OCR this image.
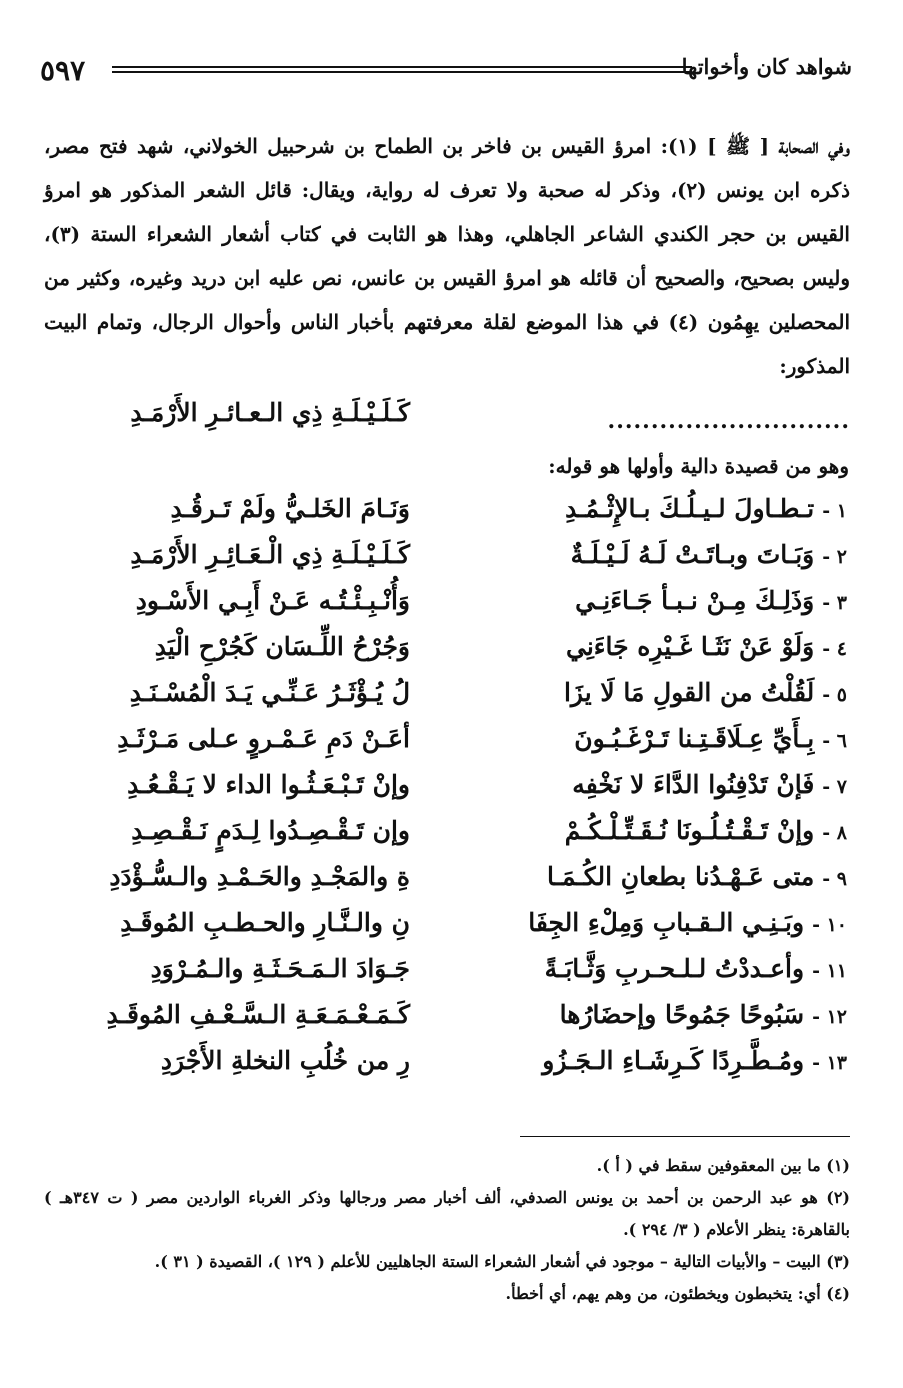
٥٩٧	شواهد كان وأخواتها

وفي الصحابة [ ﷺ ] (١): امرؤ القيس بن فاخر بن الطماح بن شرحبيل الخولاني، شهد فتح مصر، ذكره ابن يونس (٢)، وذكر له صحبة ولا تعرف له رواية، ويقال: قائل الشعر المذكور هو امرؤ القيس بن حجر الكندي الشاعر الجاهلي، وهذا هو الثابت في كتاب أشعار الشعراء الستة (٣)، وليس بصحيح، والصحيح أن قائله هو امرؤ القيس بن عانس، نص عليه ابن دريد وغيره، وكثير من المحصلين يهِمُون (٤) في هذا الموضع لقلة معرفتهم بأخبار الناس وأحوال الرجال، وتمام البيت المذكور:

............................
كَـلَـيْـلَـةِ ذِي الـعـائـرِ الأَرْمَـدِ
وهو من قصيدة دالية وأولها هو قوله:
١ -تـطـاولَ لـيـلُـكَ بـالإِثْـمُـدِ
وَنَـامَ الخَلـيُّ ولَمْ تَـرقُـدِ
٢ -وَبَـاتَ وبـاتَـتْ لَـهُ لَـيْـلَـةٌ
كَـلَـيْـلَـةِ ذِي الْـعَـائِـرِ الأَرْمَـدِ
٣ -وَذَلِـكَ مِـنْ نـبـأ جَـاءَنِـي
وَأُنْـبِـئْـتُـه عَـنْ أَبِـي الأَسْـودِ
٤ -وَلَوْ عَنْ نَثَـا غَـيْرِه جَاءَنِي
وَجُرْحُ اللِّـسَان كَجُرْحِ الْيَدِ
٥ -لَقُلْتُ من القولِ مَا لَا يزَا
لُ يُـؤْثَـرُ عَـنِّـي يَـدَ الْمُسْـنَـدِ
٦ -بِـأَيِّ عِـلَاقَـتِـنا تَـرْغَـبُـونَ
أعَـنْ دَمِ عَـمْـروٍ عـلى مَـرْثَـدِ
٧ -فَإنْ تَدْفِنُوا الدَّاءَ لا نَخْفِه
وإنْ تَـبْـعَـثُـوا الداء لا يَـقْـعُـدِ
٨ -وإنْ تَـقْـتُـلُـونَا نُـقَـتِّـلْـكُـمْ
وإن تَـقْـصِـدُوا لِـدَمٍ نَـقْـصِـدِ
٩ -متى عَـهْـدُنا بطعانِ الكُـمَـا
ةِ والمَجْـدِ والحَـمْـدِ والـسُّـؤْدَدِ
١٠ -وبَـنِـي الـقـبابِ وَمِلْءِ الجِفَا
نِ والـنَّـارِ والحـطـبِ المُوقَـدِ
١١ -وأعـددْتُ لـلـحـربِ وَثَّـابَـةً
جَـوَادَ الـمَـحَـثَـةِ والـمُـرْوَدِ
١٢ -سَبُوحًا جَمُوحًا وإحضَارُها
كَـمَـعْـمَـعَـةِ الـسَّـعْـفِ المُوقَـدِ
١٣ -ومُـطَّـرِدًا كَـرِشَـاءِ الـجَـزُو
رِ من خُلُبِ النخلةِ الأَجْرَدِ

(١) ما بين المعقوفين سقط في ( أ ).

(٢) هو عبد الرحمن بن أحمد بن يونس الصدفي، ألف أخبار مصر ورجالها وذكر الغرباء الواردين مصر ( ت ٣٤٧هـ ) بالقاهرة: ينظر الأعلام ( ٣/ ٢٩٤ ).

(٣) البيت – والأبيات التالية – موجود في أشعار الشعراء الستة الجاهليين للأعلم ( ١٢٩ )، القصيدة ( ٣١ ).

(٤) أي: يتخبطون ويخطئون، من وهم يهم، أي أخطأ.
